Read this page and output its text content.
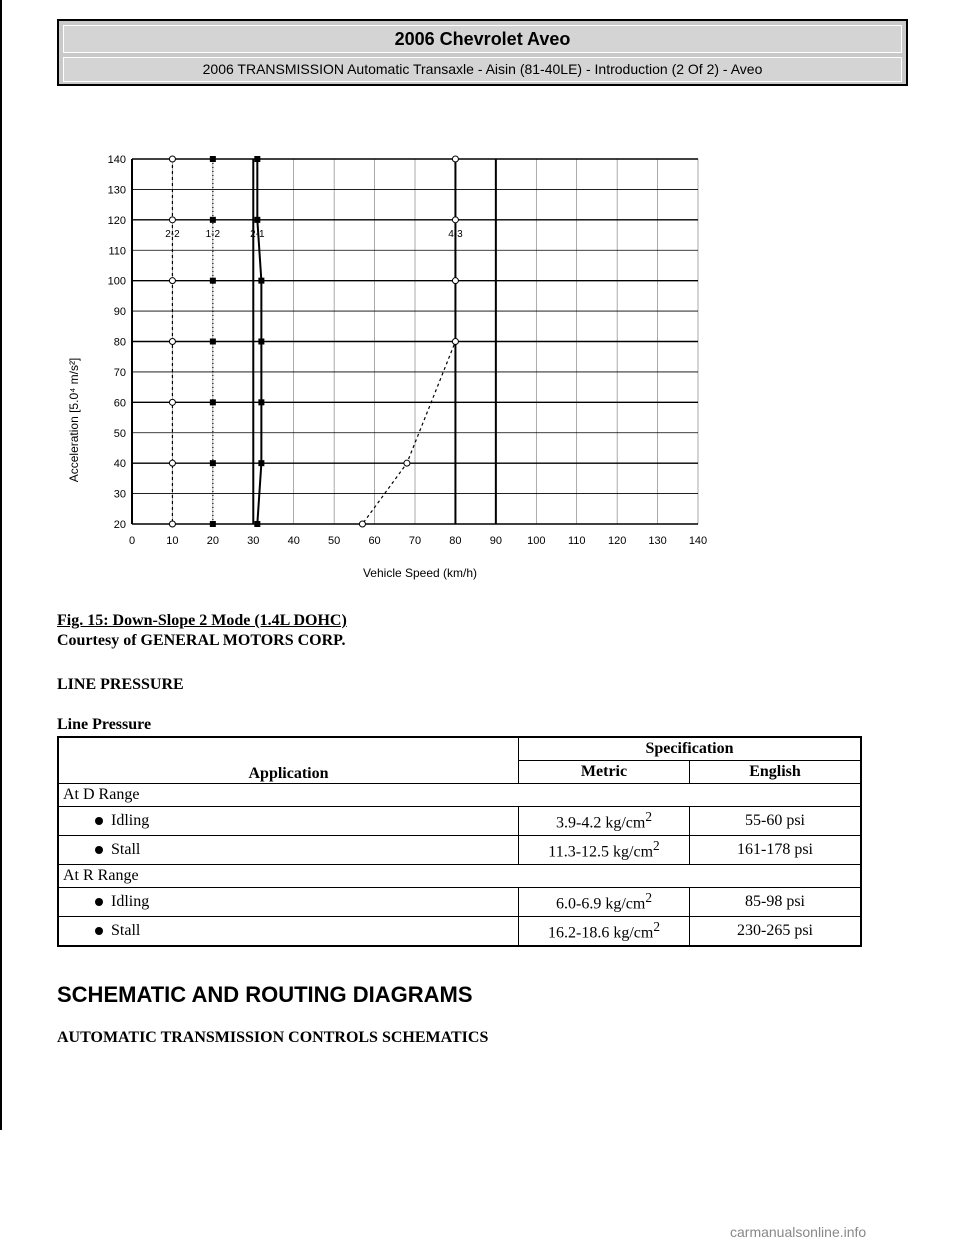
2006 Chevrolet Aveo
2006 TRANSMISSION Automatic Transaxle - Aisin (81-40LE) - Introduction (2 Of 2) - Aveo
0	10	20	30	40	50	60	70	80	90 100 110 120 130 140
20
30
40
50
60
70
80
90
100
110
120
130
140
2-2	1-2	2-1	4-3
Vehicle Speed (km/h)
Acceleration [5.0⁴ m/s²]
Fig. 15: Down-Slope 2 Mode (1.4L DOHC)
Courtesy of GENERAL MOTORS CORP.
LINE PRESSURE
Line Pressure
Application	Specification	
	Metric	English
At D Range		
Idling	3.9-4.2 $kg/cm^2$	55-60 psi
Stall	11.3-12.5 $kg/cm^2$	161-178 psi
At R Range		
Idling	6.0-6.9 $kg/cm^2$	85-98 psi
Stall	16.2-18.6 $kg/cm^2$	230-265 psi
SCHEMATIC AND ROUTING DIAGRAMS
AUTOMATIC TRANSMISSION CONTROLS SCHEMATICS
carmanualsonline.info
